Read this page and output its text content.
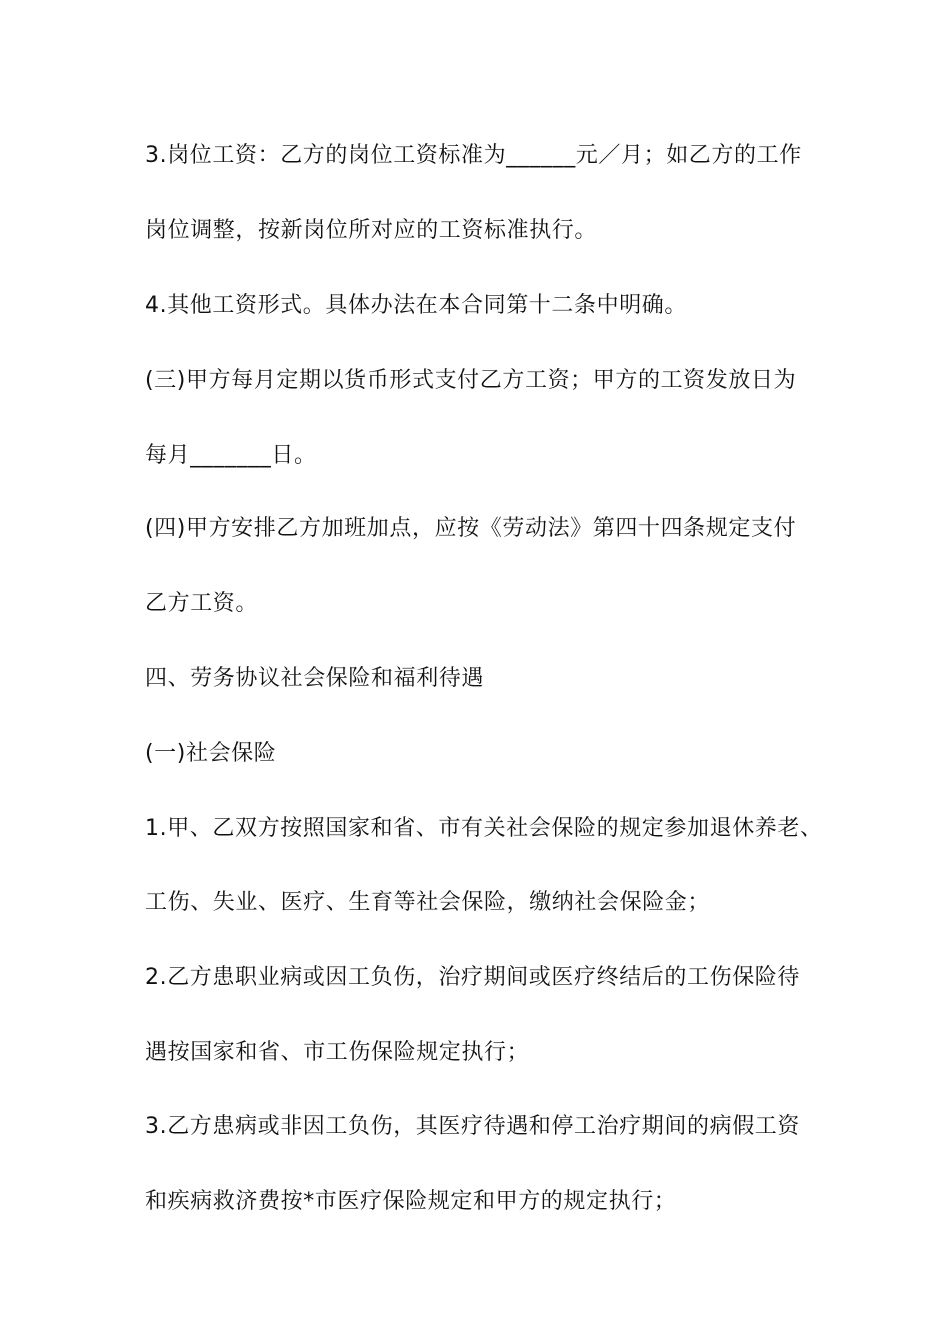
3.岗位工资：乙方的岗位工资标准为______元／月；如乙方的工作

岗位调整，按新岗位所对应的工资标准执行。

4.其他工资形式。具体办法在本合同第十二条中明确。

(三)甲方每月定期以货币形式支付乙方工资；甲方的工资发放日为

每月_______日。

(四)甲方安排乙方加班加点，应按《劳动法》第四十四条规定支付

乙方工资。

四、劳务协议社会保险和福利待遇

(一)社会保险

1.甲、乙双方按照国家和省、市有关社会保险的规定参加退休养老、

工伤、失业、医疗、生育等社会保险，缴纳社会保险金；

2.乙方患职业病或因工负伤，治疗期间或医疗终结后的工伤保险待

遇按国家和省、市工伤保险规定执行；

3.乙方患病或非因工负伤，其医疗待遇和停工治疗期间的病假工资

和疾病救济费按*市医疗保险规定和甲方的规定执行；
